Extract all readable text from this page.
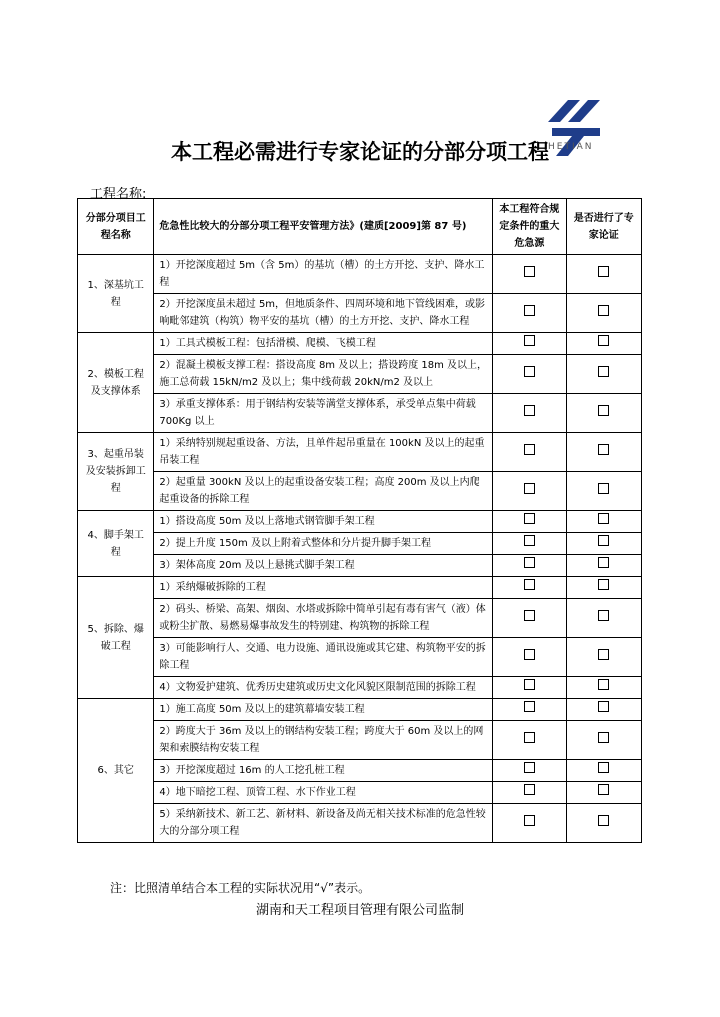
HETIAN
本工程必需进行专家论证的分部分项工程
工程名称:
分部分项目工程名称	危急性比较大的分部分项工程平安管理方法》(建质[2009]第 87 号)	本工程符合规定条件的重大危急源	是否进行了专家论证
1、深基坑工程	1）开挖深度超过 5m（含 5m）的基坑（槽）的土方开挖、支护、降水工程		
	2）开挖深度虽未超过 5m，但地质条件、四周环境和地下管线困难，或影响毗邻建筑（构筑）物平安的基坑（槽）的土方开挖、支护、降水工程		
2、模板工程及支撑体系	1）工具式模板工程：包括滑模、爬模、飞模工程		
	2）混凝土模板支撑工程：搭设高度 8m 及以上；搭设跨度 18m 及以上，施工总荷载 15kN/m2 及以上；集中线荷载 20kN/m2 及以上		
	3）承重支撑体系：用于钢结构安装等满堂支撑体系，承受单点集中荷载 700Kg 以上		
3、起重吊装及安装拆卸工程	1）采纳特别规起重设备、方法，且单件起吊重量在 100kN 及以上的起重吊装工程		
	2）起重量 300kN 及以上的起重设备安装工程；高度 200m 及以上内爬起重设备的拆除工程		
4、脚手架工程	1）搭设高度 50m 及以上落地式钢管脚手架工程		
	2）提上升度 150m 及以上附着式整体和分片提升脚手架工程		
	3）架体高度 20m 及以上悬挑式脚手架工程		
5、拆除、爆破工程	1）采纳爆破拆除的工程		
	2）码头、桥梁、高架、烟囱、水塔或拆除中简单引起有毒有害气（液）体或粉尘扩散、易燃易爆事故发生的特别建、构筑物的拆除工程		
	3）可能影响行人、交通、电力设施、通讯设施或其它建、构筑物平安的拆除工程		
	4）文物爱护建筑、优秀历史建筑或历史文化风貌区限制范围的拆除工程		
6、其它	1）施工高度 50m 及以上的建筑幕墙安装工程		
	2）跨度大于 36m 及以上的钢结构安装工程；跨度大于 60m 及以上的网架和索膜结构安装工程		
	3）开挖深度超过 16m 的人工挖孔桩工程		
	4）地下暗挖工程、顶管工程、水下作业工程		
	5）采纳新技术、新工艺、新材料、新设备及尚无相关技术标准的危急性较大的分部分项工程		
注：比照清单结合本工程的实际状况用“√”表示。
湖南和天工程项目管理有限公司监制
